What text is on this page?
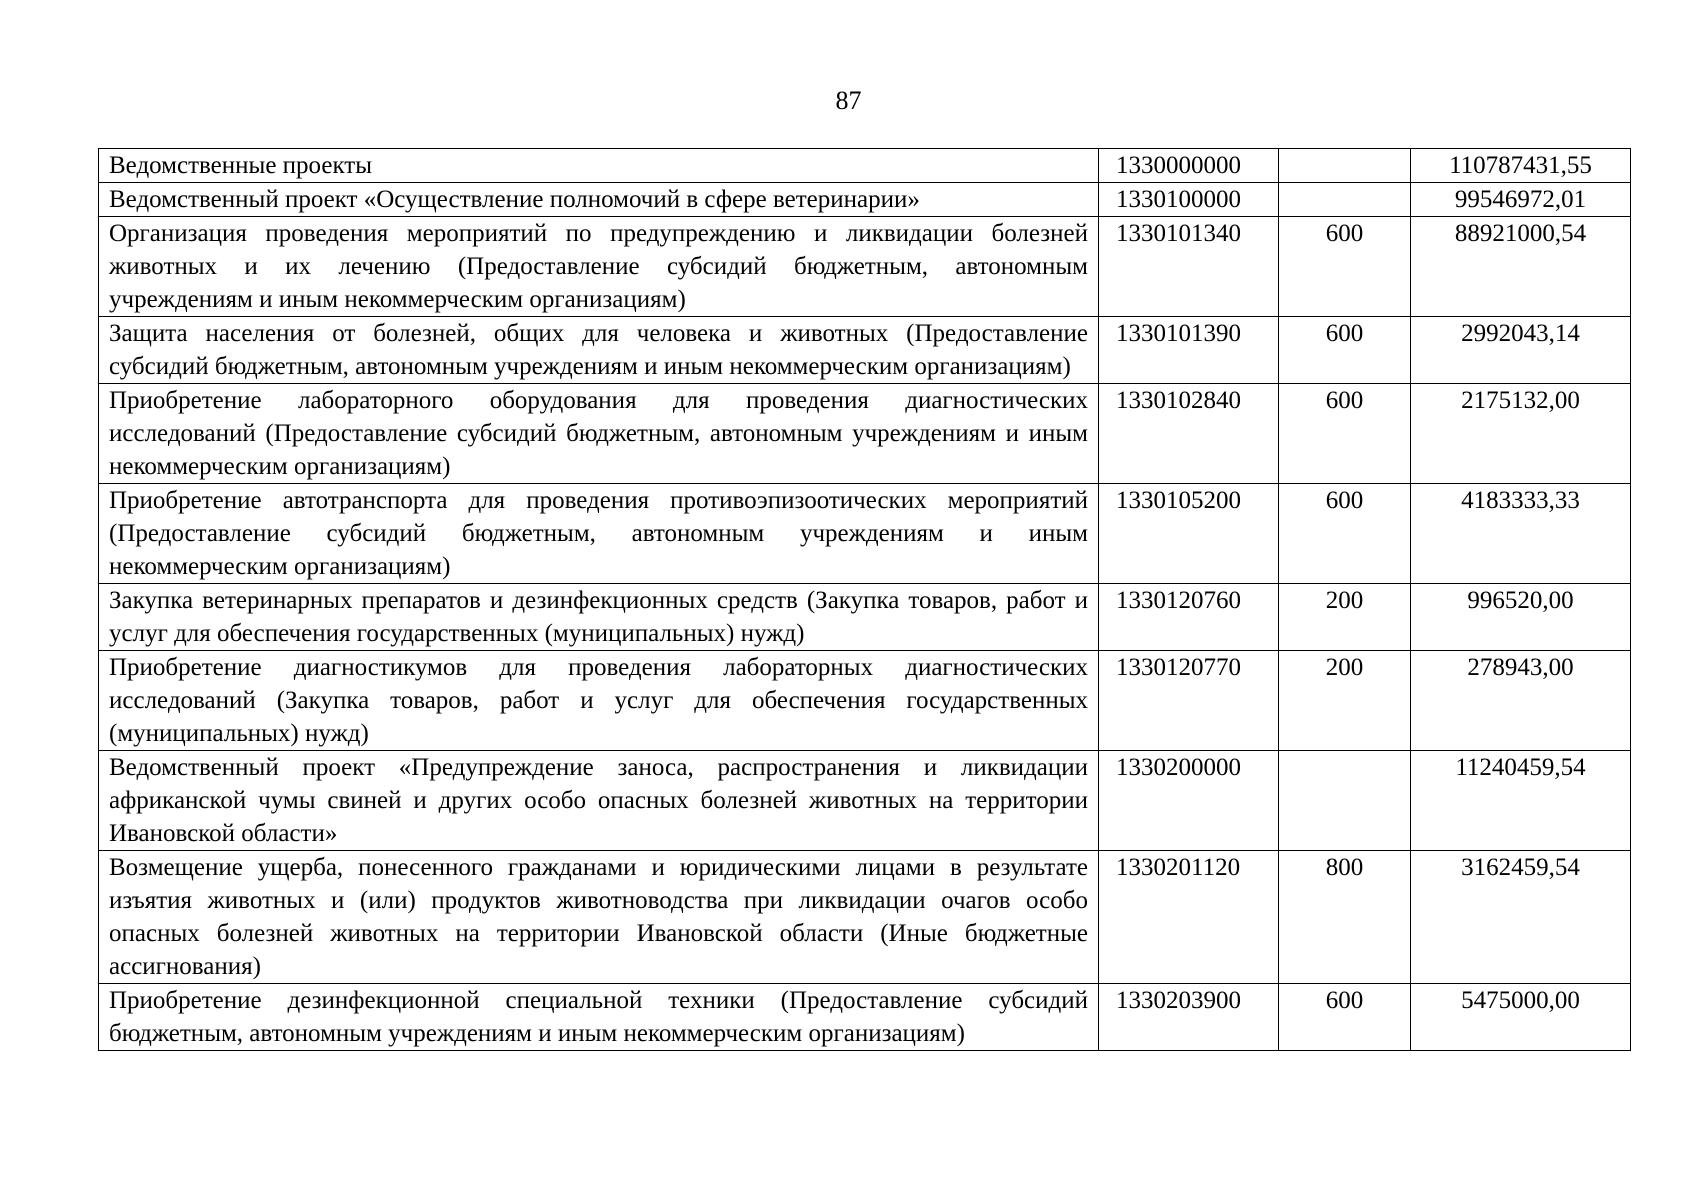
87
Ведомственные проекты	1330000000		110787431,55
Ведомственный проект «Осуществление полномочий в сфере ветеринарии»	1330100000		99546972,01
Организация проведения мероприятий по предупреждению и ликвидации болезней животных и их лечению (Предоставление субсидий бюджетным, автономным учреждениям и иным некоммерческим организациям)	1330101340	600	88921000,54
Защита населения от болезней, общих для человека и животных (Предоставление субсидий бюджетным, автономным учреждениям и иным некоммерческим организациям)	1330101390	600	2992043,14
Приобретение лабораторного оборудования для проведения диагностических исследований (Предоставление субсидий бюджетным, автономным учреждениям и иным некоммерческим организациям)	1330102840	600	2175132,00
Приобретение автотранспорта для проведения противоэпизоотических мероприятий (Предоставление субсидий бюджетным, автономным учреждениям и иным некоммерческим организациям)	1330105200	600	4183333,33
Закупка ветеринарных препаратов и дезинфекционных средств (Закупка товаров, работ и услуг для обеспечения государственных (муниципальных) нужд)	1330120760	200	996520,00
Приобретение диагностикумов для проведения лабораторных диагностических исследований (Закупка товаров, работ и услуг для обеспечения государственных (муниципальных) нужд)	1330120770	200	278943,00
Ведомственный проект «Предупреждение заноса, распространения и ликвидации африканской чумы свиней и других особо опасных болезней животных на территории Ивановской области»	1330200000		11240459,54
Возмещение ущерба, понесенного гражданами и юридическими лицами в результате изъятия животных и (или) продуктов животноводства при ликвидации очагов особо опасных болезней животных на территории Ивановской области (Иные бюджетные ассигнования)	1330201120	800	3162459,54
Приобретение дезинфекционной специальной техники (Предоставление субсидий бюджетным, автономным учреждениям и иным некоммерческим организациям)	1330203900	600	5475000,00
